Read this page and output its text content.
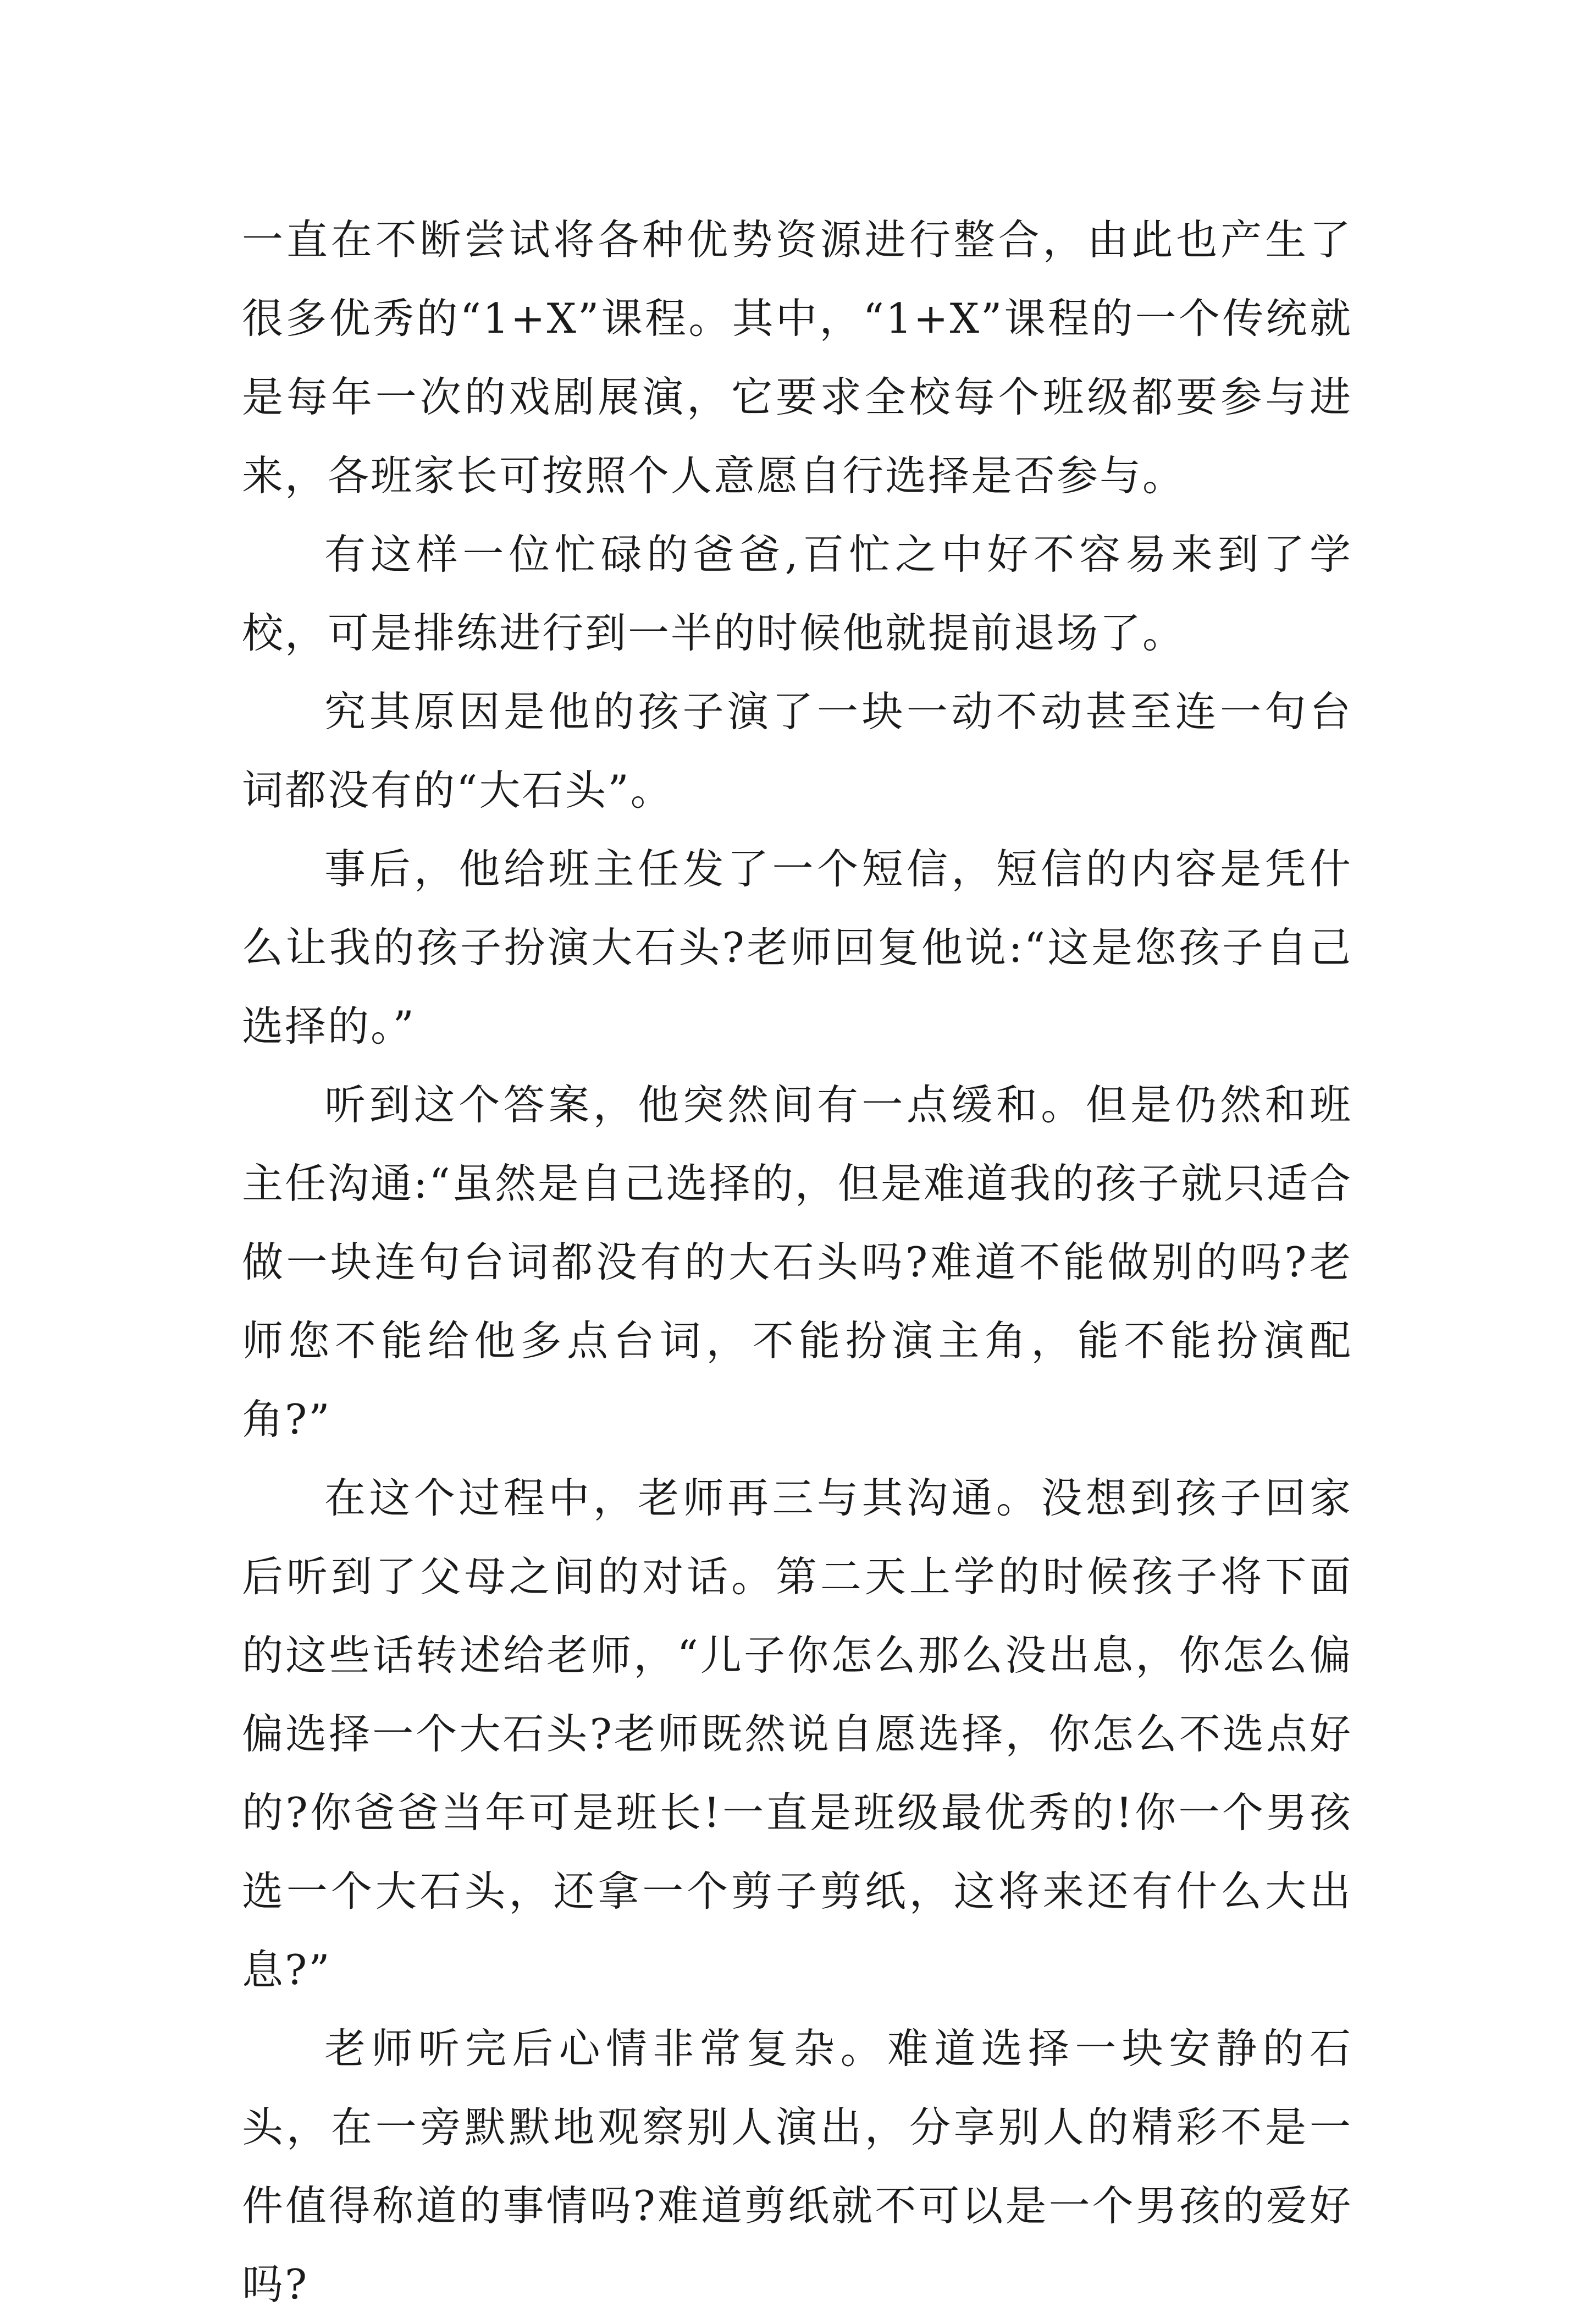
一直在不断尝试将各种优势资源进行整合，由此也产生了很多优秀的“1+X”课程。其中，“1+X”课程的一个传统就是每年一次的戏剧展演，它要求全校每个班级都要参与进来，各班家长可按照个人意愿自行选择是否参与。

有这样一位忙碌的爸爸,百忙之中好不容易来到了学校，可是排练进行到一半的时候他就提前退场了。

究其原因是他的孩子演了一块一动不动甚至连一句台词都没有的“大石头”。

事后，他给班主任发了一个短信，短信的内容是凭什么让我的孩子扮演大石头?老师回复他说:“这是您孩子自己选择的。”

听到这个答案，他突然间有一点缓和。但是仍然和班主任沟通:“虽然是自己选择的，但是难道我的孩子就只适合做一块连句台词都没有的大石头吗?难道不能做别的吗?老师您不能给他多点台词，不能扮演主角，能不能扮演配角?”

在这个过程中，老师再三与其沟通。没想到孩子回家后听到了父母之间的对话。第二天上学的时候孩子将下面的这些话转述给老师，“儿子你怎么那么没出息，你怎么偏偏选择一个大石头?老师既然说自愿选择，你怎么不选点好的?你爸爸当年可是班长!一直是班级最优秀的!你一个男孩选一个大石头，还拿一个剪子剪纸，这将来还有什么大出息?”

老师听完后心情非常复杂。难道选择一块安静的石头，在一旁默默地观察别人演出，分享别人的精彩不是一件值得称道的事情吗?难道剪纸就不可以是一个男孩的爱好吗?
